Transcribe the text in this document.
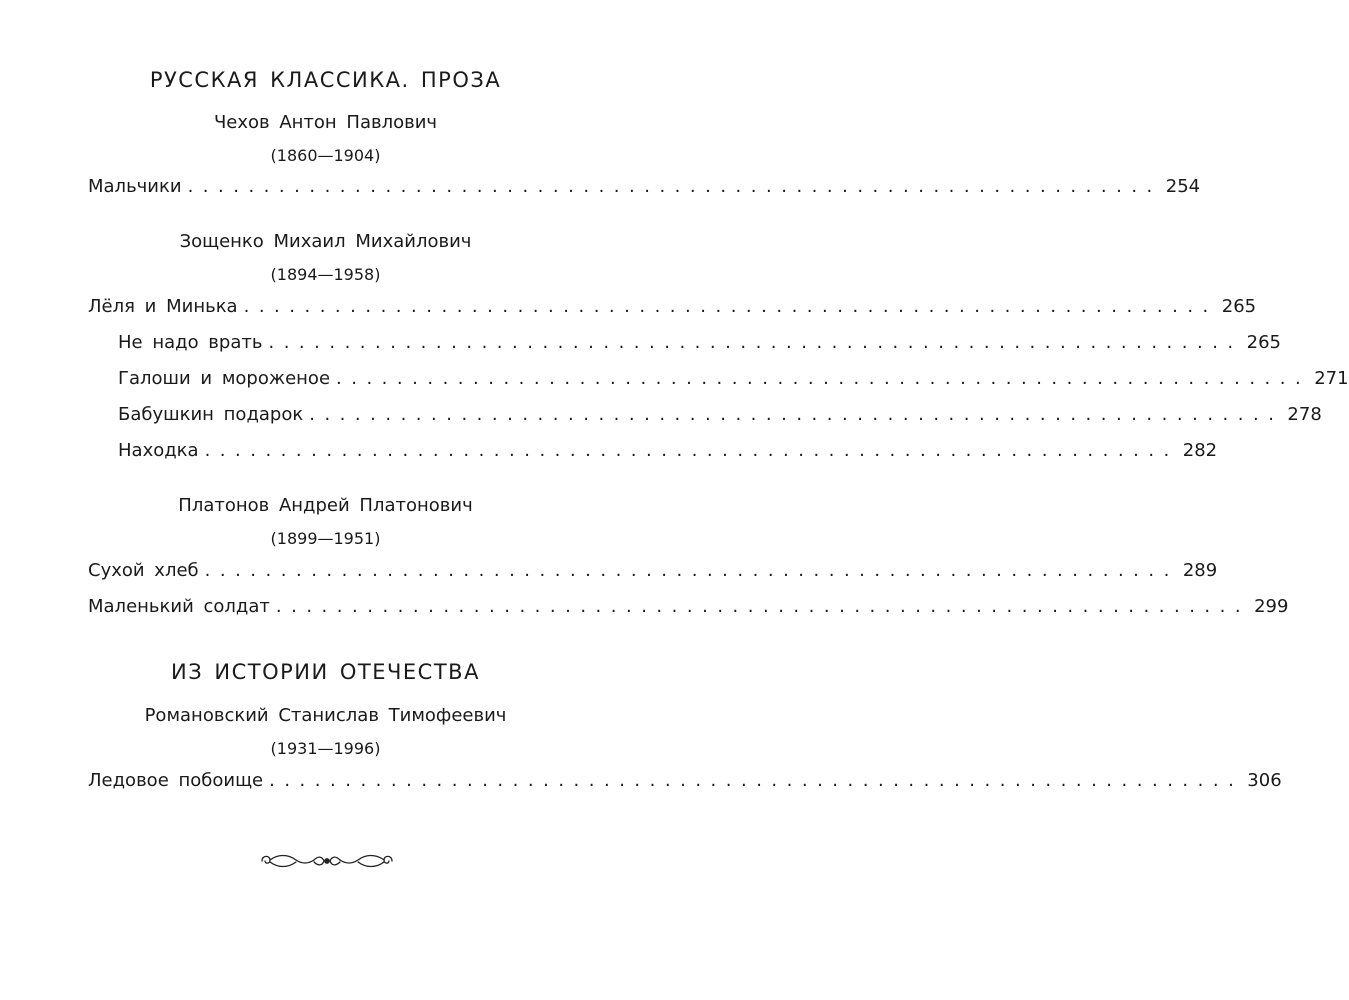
РУССКАЯ КЛАССИКА. ПРОЗА
Чехов Антон Павлович
(1860—1904)
Мальчики ................................................................ 254
Зощенко Михаил Михайлович
(1894—1958)
Лёля и Минька ................................................................ 265
Не надо врать ................................................................ 265
Галоши и мороженое ................................................................ 271
Бабушкин подарок ................................................................ 278
Находка ................................................................ 282
Платонов Андрей Платонович
(1899—1951)
Сухой хлеб ................................................................ 289
Маленький солдат ................................................................ 299
ИЗ ИСТОРИИ ОТЕЧЕСТВА
Романовский Станислав Тимофеевич
(1931—1996)
Ледовое побоище ................................................................ 306
